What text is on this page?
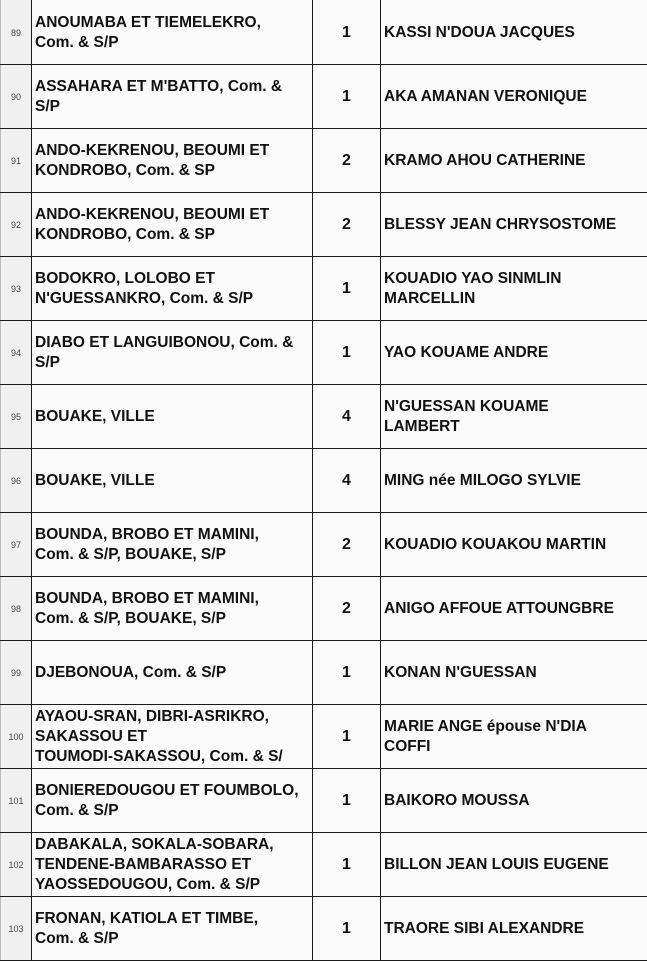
89	ANOUMABA ET TIEMELEKRO,
Com. & S/P	1	KASSI N'DOUA JACQUES
90	ASSAHARA ET M'BATTO, Com. &
S/P	1	AKA AMANAN VERONIQUE
91	ANDO-KEKRENOU, BEOUMI ET
KONDROBO, Com. & SP	2	KRAMO AHOU CATHERINE
92	ANDO-KEKRENOU, BEOUMI ET
KONDROBO, Com. & SP	2	BLESSY JEAN CHRYSOSTOME
93	BODOKRO, LOLOBO ET
N'GUESSANKRO, Com. & S/P	1	KOUADIO YAO SINMLIN
MARCELLIN
94	DIABO ET LANGUIBONOU, Com. &
S/P	1	YAO KOUAME ANDRE
95	BOUAKE, VILLE	4	N'GUESSAN KOUAME
LAMBERT
96	BOUAKE, VILLE	4	MING née MILOGO SYLVIE
97	BOUNDA, BROBO ET MAMINI,
Com. & S/P, BOUAKE, S/P	2	KOUADIO KOUAKOU MARTIN
98	BOUNDA, BROBO ET MAMINI,
Com. & S/P, BOUAKE, S/P	2	ANIGO AFFOUE ATTOUNGBRE
99	DJEBONOUA, Com. & S/P	1	KONAN N'GUESSAN
100	AYAOU-SRAN, DIBRI-ASRIKRO,
SAKASSOU ET
TOUMODI-SAKASSOU, Com. & S/	1	MARIE ANGE épouse N'DIA
COFFI
101	BONIEREDOUGOU ET FOUMBOLO,
Com. & S/P	1	BAIKORO MOUSSA
102	DABAKALA, SOKALA-SOBARA,
TENDENE-BAMBARASSO ET
YAOSSEDOUGOU, Com. & S/P	1	BILLON JEAN LOUIS EUGENE
103	FRONAN, KATIOLA ET TIMBE,
Com. & S/P	1	TRAORE SIBI ALEXANDRE
